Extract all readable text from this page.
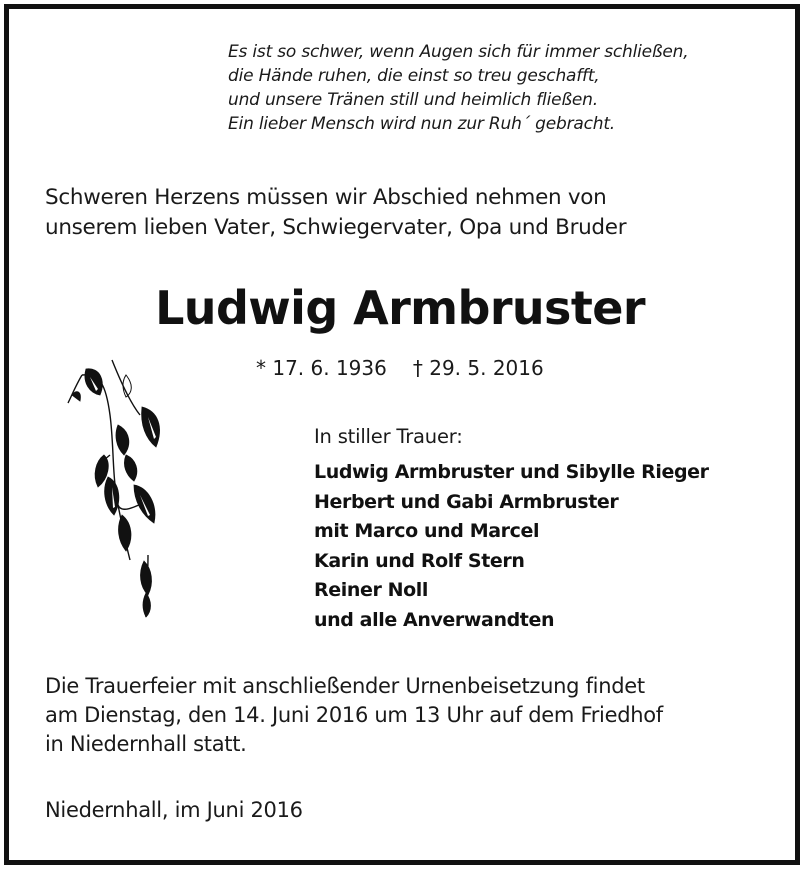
Es ist so schwer, wenn Augen sich für immer schließen,
die Hände ruhen, die einst so treu geschafft,
und unsere Tränen still und heimlich fließen.
Ein lieber Mensch wird nun zur Ruh´ gebracht.
Schweren Herzens müssen wir Abschied nehmen von
unserem lieben Vater, Schwiegervater, Opa und Bruder
Ludwig Armbruster
* 17. 6. 1936 † 29. 5. 2016
In stiller Trauer:
Ludwig Armbruster und Sibylle Rieger
Herbert und Gabi Armbruster
mit Marco und Marcel
Karin und Rolf Stern
Reiner Noll
und alle Anverwandten
Die Trauerfeier mit anschließender Urnenbeisetzung findet
am Dienstag, den 14. Juni 2016 um 13 Uhr auf dem Friedhof
in Niedernhall statt.
Niedernhall, im Juni 2016
